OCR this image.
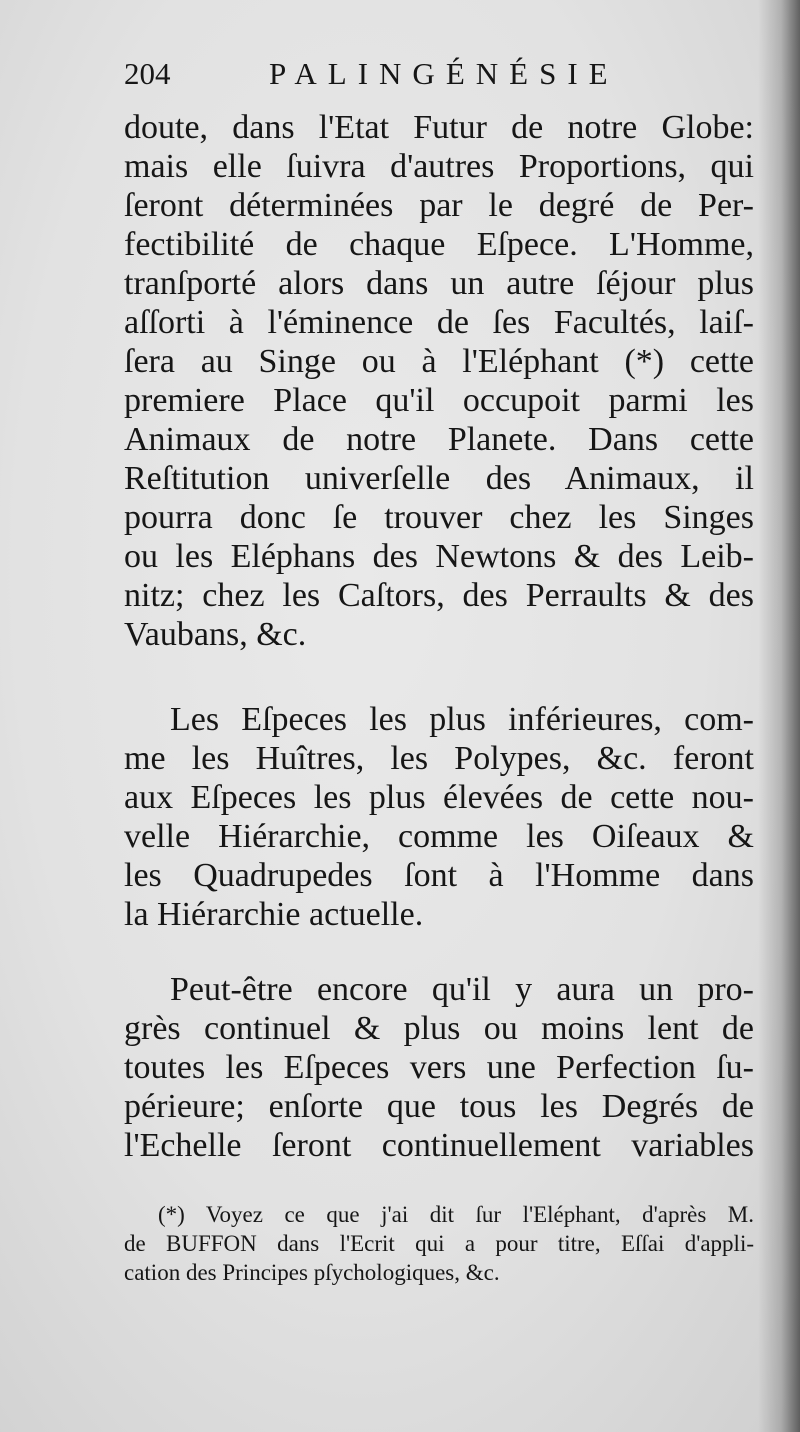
204	PALINGÉNÉSIE
doute, dans l'Etat Futur de notre Globe:
mais elle ſuivra d'autres Proportions, qui
ſeront déterminées par le degré de Per-
fectibilité de chaque Eſpece. L'Homme,
tranſporté alors dans un autre ſéjour plus
aſſorti à l'éminence de ſes Facultés, laiſ-
ſera au Singe ou à l'Eléphant (*) cette
premiere Place qu'il occupoit parmi les
Animaux de notre Planete. Dans cette
Reſtitution univerſelle des Animaux, il
pourra donc ſe trouver chez les Singes
ou les Eléphans des Newtons & des Leib-
nitz; chez les Caſtors, des Perraults & des
Vaubans, &c.
Les Eſpeces les plus inférieures, com-
me les Huîtres, les Polypes, &c. feront
aux Eſpeces les plus élevées de cette nou-
velle Hiérarchie, comme les Oiſeaux &
les Quadrupedes ſont à l'Homme dans
la Hiérarchie actuelle.
Peut-être encore qu'il y aura un pro-
grès continuel & plus ou moins lent de
toutes les Eſpeces vers une Perfection ſu-
périeure; enſorte que tous les Degrés de
l'Echelle ſeront continuellement variables
(*) Voyez ce que j'ai dit ſur l'Eléphant, d'après M.
de BUFFON dans l'Ecrit qui a pour titre, Eſſai d'appli-
cation des Principes pſychologiques, &c.
